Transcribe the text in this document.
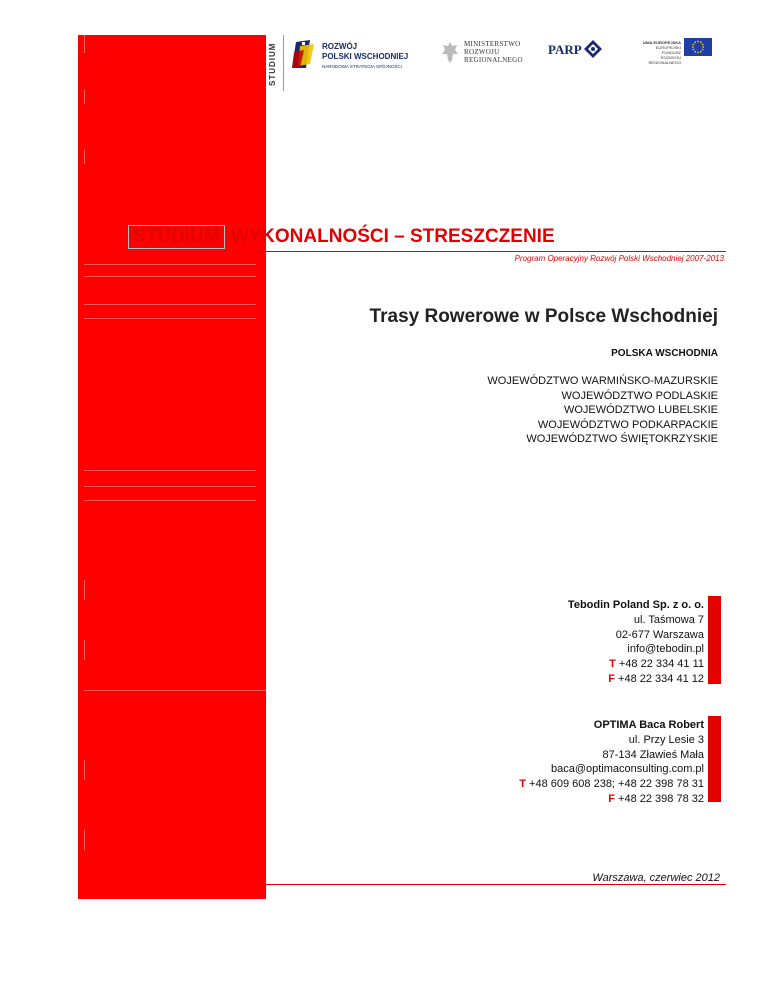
STUDIUM	ROZWÓJ
POLSKI WSCHODNIEJ
NARODOWA STRATEGIA SPÓJNOŚCI
MINISTERSTWO
ROZWOJU
REGIONALNEGO
PARP	UNIA EUROPEJSKA
EUROPEJSKI FUNDUSZ
ROZWOJU REGIONALNEGO
STUDIUM WYKONALNOŚCI – STRESZCZENIE
Program Operacyjny Rozwój Polski Wschodniej 2007-2013
Trasy Rowerowe w Polsce Wschodniej
POLSKA WSCHODNIA
WOJEWÓDZTWO WARMIŃSKO-MAZURSKIE
WOJEWÓDZTWO PODLASKIE
WOJEWÓDZTWO LUBELSKIE
WOJEWÓDZTWO PODKARPACKIE
WOJEWÓDZTWO ŚWIĘTOKRZYSKIE
Tebodin Poland Sp. z o. o.
ul. Taśmowa 7
02-677 Warszawa
info@tebodin.pl
T +48 22 334 41 11
F +48 22 334 41 12
OPTIMA Baca Robert
ul. Przy Lesie 3
87-134 Zławieś Mała
baca@optimaconsulting.com.pl
T +48 609 608 238; +48 22 398 78 31
F +48 22 398 78 32
Warszawa, czerwiec 2012
